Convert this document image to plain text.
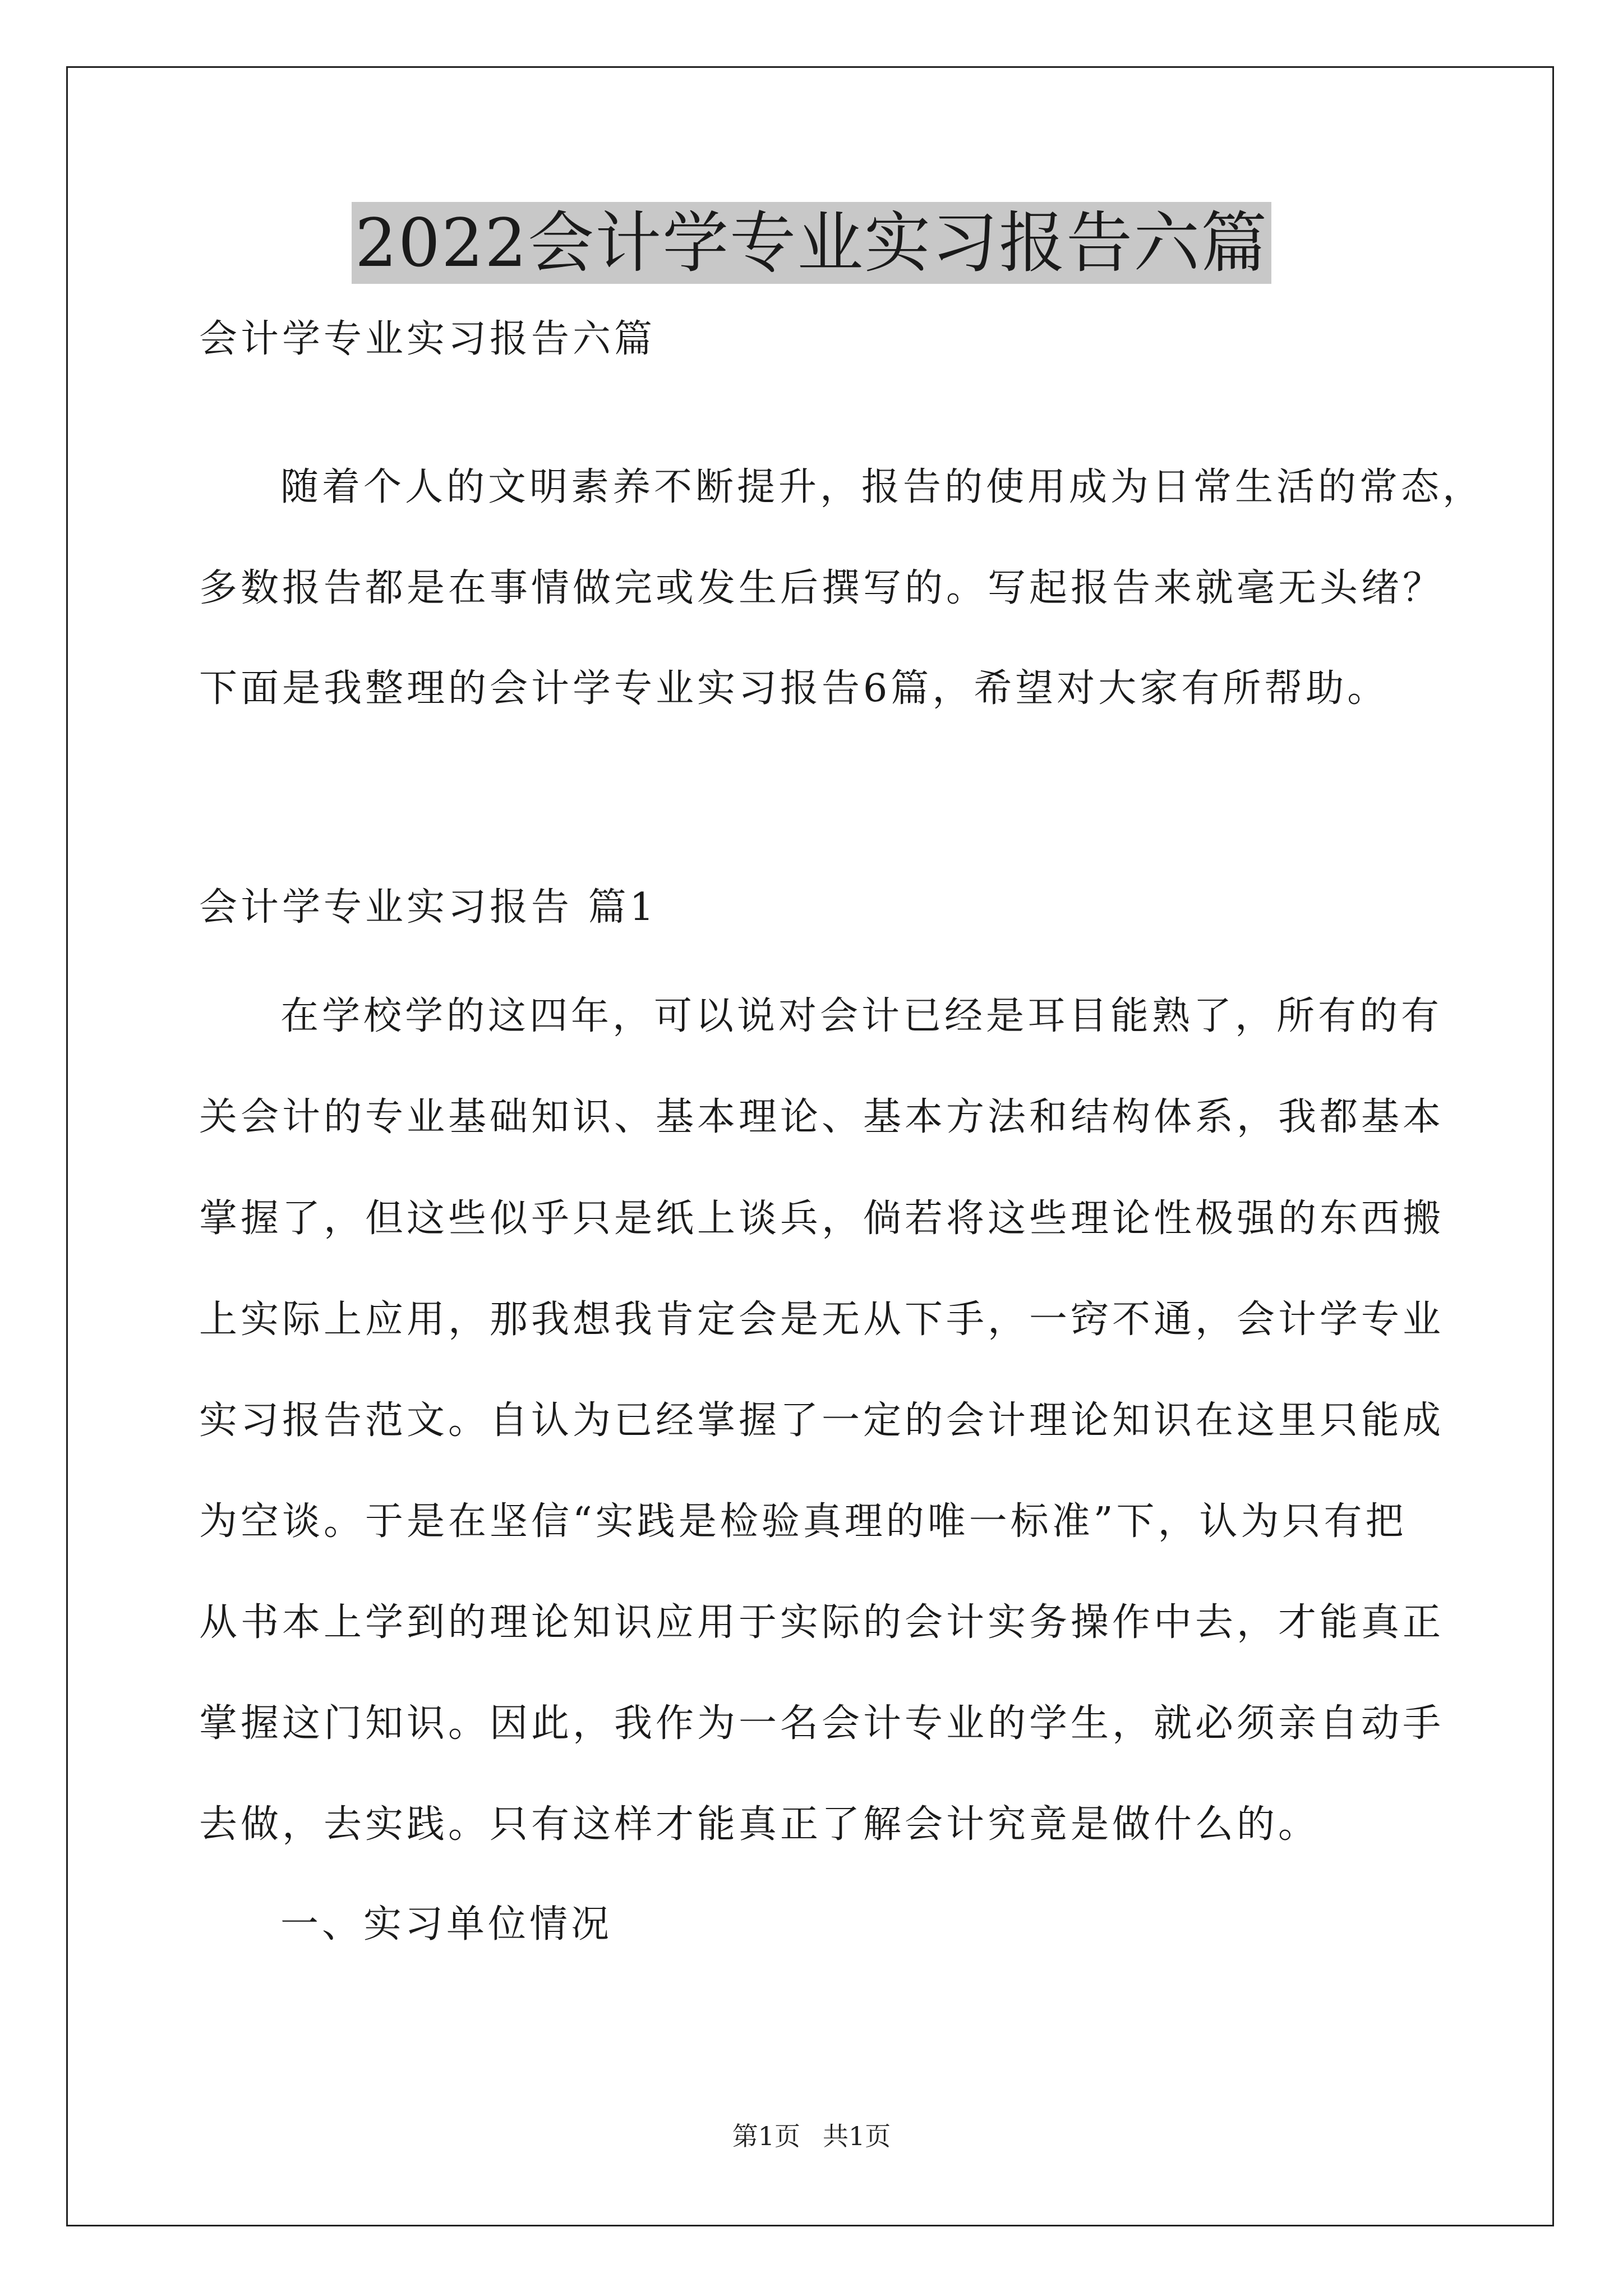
2022会计学专业实习报告六篇
会计学专业实习报告六篇
随着个人的文明素养不断提升，报告的使用成为日常生活的常态，
多数报告都是在事情做完或发生后撰写的。写起报告来就毫无头绪？
下面是我整理的会计学专业实习报告6篇，希望对大家有所帮助。
会计学专业实习报告 篇1
在学校学的这四年，可以说对会计已经是耳目能熟了，所有的有
关会计的专业基础知识、基本理论、基本方法和结构体系，我都基本
掌握了，但这些似乎只是纸上谈兵，倘若将这些理论性极强的东西搬
上实际上应用，那我想我肯定会是无从下手，一窍不通，会计学专业
实习报告范文。自认为已经掌握了一定的会计理论知识在这里只能成
为空谈。于是在坚信“实践是检验真理的唯一标准”下，认为只有把
从书本上学到的理论知识应用于实际的会计实务操作中去，才能真正
掌握这门知识。因此，我作为一名会计专业的学生，就必须亲自动手
去做，去实践。只有这样才能真正了解会计究竟是做什么的。
一、实习单位情况
第1页 共1页
